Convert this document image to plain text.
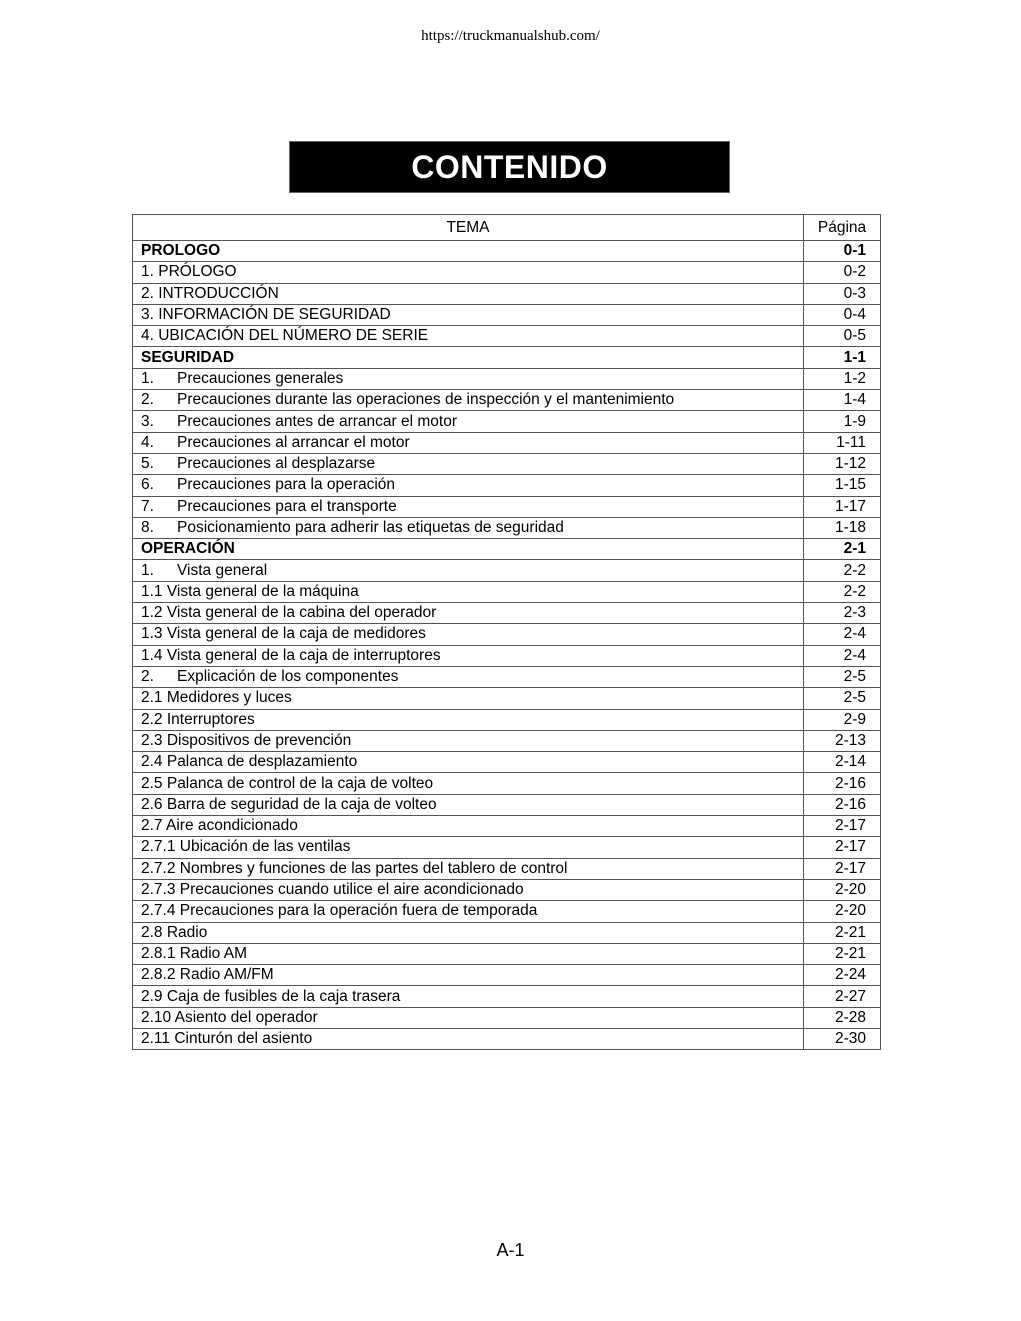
https://truckmanualshub.com/
CONTENIDO
TEMA	Página
PROLOGO	0-1
1. PRÓLOGO	0-2
2. INTRODUCCIÓN	0-3
3. INFORMACIÓN DE SEGURIDAD	0-4
4. UBICACIÓN DEL NÚMERO DE SERIE	0-5
SEGURIDAD	1-1
1. Precauciones generales	1-2
2. Precauciones durante las operaciones de inspección y el mantenimiento	1-4
3. Precauciones antes de arrancar el motor	1-9
4. Precauciones al arrancar el motor	1-11
5. Precauciones al desplazarse	1-12
6. Precauciones para la operación	1-15
7. Precauciones para el transporte	1-17
8. Posicionamiento para adherir las etiquetas de seguridad	1-18
OPERACIÓN	2-1
1. Vista general	2-2
1.1 Vista general de la máquina	2-2
1.2 Vista general de la cabina del operador	2-3
1.3 Vista general de la caja de medidores	2-4
1.4 Vista general de la caja de interruptores	2-4
2. Explicación de los componentes	2-5
2.1 Medidores y luces	2-5
2.2 Interruptores	2-9
2.3 Dispositivos de prevención	2-13
2.4 Palanca de desplazamiento	2-14
2.5 Palanca de control de la caja de volteo	2-16
2.6 Barra de seguridad de la caja de volteo	2-16
2.7 Aire acondicionado	2-17
2.7.1 Ubicación de las ventilas	2-17
2.7.2 Nombres y funciones de las partes del tablero de control	2-17
2.7.3 Precauciones cuando utilice el aire acondicionado	2-20
2.7.4 Precauciones para la operación fuera de temporada	2-20
2.8 Radio	2-21
2.8.1 Radio AM	2-21
2.8.2 Radio AM/FM	2-24
2.9 Caja de fusibles de la caja trasera	2-27
2.10 Asiento del operador	2-28
2.11 Cinturón del asiento	2-30
A-1
